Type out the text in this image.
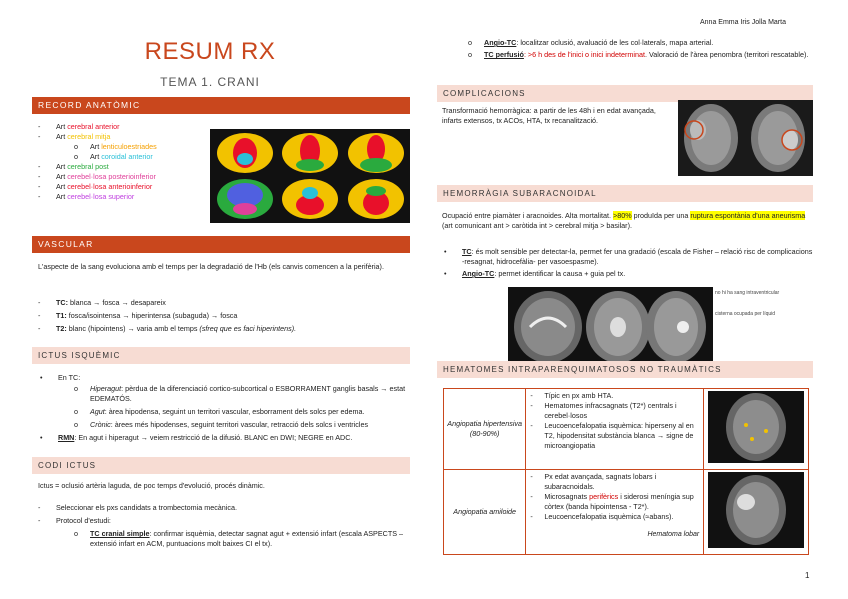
Anna Emma Iris Jolla Marta
RESUM RX
TEMA 1. CRANI
RECORD ANATÒMIC
- Art cerebral anterior
- Art cerebral mitja
o Art lenticuloestriades
o Art coroidal anterior
- Art cerebral post
- Art cerebel·losa posterioinferior
- Art cerebel·losa anterioinferior
- Art cerebel·losa superior
VASCULAR
L'aspecte de la sang evoluciona amb el temps per la degradació de l'Hb (els canvis comencen a la perifèria).
- TC: blanca → fosca → desapareix
- T1: fosca/isointensa → hiperintensa (subaguda) → fosca
- T2: blanc (hipointens) → varia amb el temps (sfreq que es faci hiperintens).
ICTUS ISQUÈMIC
• En TC:
o Hiperagut: pèrdua de la diferenciació cortico-subcortical o ESBORRAMENT ganglis basals → estat EDEMATÓS.
o Agut: àrea hipodensa, seguint un territori vascular, esborrament dels solcs per edema.
o Crònic: àrees més hipodenses, seguint territori vascular, retracció dels solcs i ventricles
• RMN: En agut i hiperagut → veiem restricció de la difusió. BLANC en DWI; NEGRE en ADC.
CODI ICTUS
Ictus = oclusió artèria laguda, de poc temps d'evolució, procés dinàmic.
- Seleccionar els pxs candidats a trombectomia mecànica.
- Protocol d'estudi:
o TC cranial simple: confirmar isquèmia, detectar sagnat agut + extensió infart (escala ASPECTS – extensió infart en ACM, puntuacions molt baixes CI el tx).
o Angio-TC: localitzar oclusió, avaluació de les col·laterals, mapa arterial.
o TC perfusió: >6 h des de l'inici o inici indeterminat. Valoració de l'àrea penombra (territori rescatable).
COMPLICACIONS
Transformació hemorràgica: a partir de les 48h i en edat avançada, infarts extensos, tx ACOs, HTA, tx recanalització.
HEMORRÀGIA SUBARACNOIDAL
Ocupació entre piamàter i aracnoides. Alta mortalitat. >80% produïda per una ruptura espontània d'una aneurisma (art comunicant ant > caròtida int > cerebral mitja > basilar).
• TC: és molt sensible per detectar-la, permet fer una gradació (escala de Fisher – relació risc de complicacions -resagnat, hidrocefàlia- per vasoespasme).
• Angio-TC: permet identificar la causa + guia pel tx.
no hi ha sang intraventricular
cisterna ocupada per líquid
HEMATOMES INTRAPARENQUIMATOSOS NO TRAUMÀTICS
Angiopatia hipertensiva (80-90%)	- Típic en px amb HTA.
- Hematomes infracsagnats (T2*) centrals i cerebel·losos
- Leucoencefalopatia isquèmica: hiperseny al en T2, hipodensitat substància blanca → signe de microangiopatia

Angiopatia amiloide	- Px edat avançada, sagnats lobars i subaracnoidals.
- Microsagnats perifèrics i siderosi meníngia sup còrtex (banda hipointensa - T2*).
- Leucoencefalopatia isquèmica (≈abans).
Hematoma lobar

1
